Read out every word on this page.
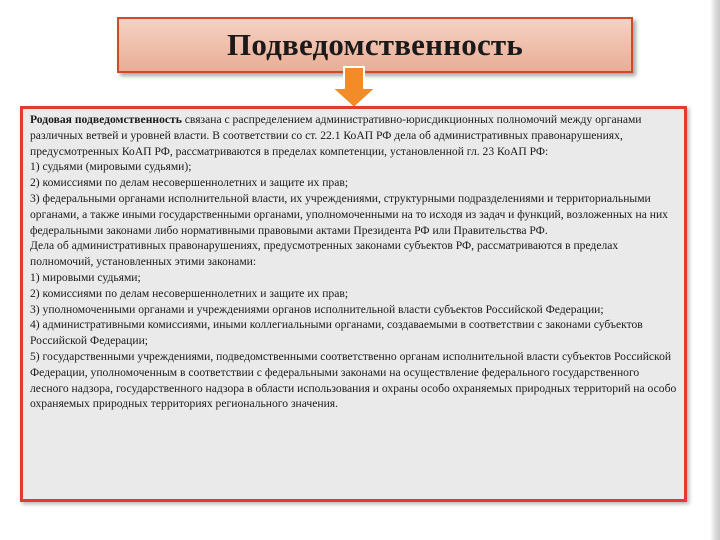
Подведомственность

Родовая подведомственность связана с распределением административно-юрисдикционных полномочий между органами различных ветвей и уровней власти. В соответствии со ст. 22.1 КоАП РФ дела об административных правонарушениях, предусмотренных КоАП РФ, рассматриваются в пределах компетенции, установленной гл. 23 КоАП РФ:

1) судьями (мировыми судьями);

2) комиссиями по делам несовершеннолетних и защите их прав;

3) федеральными органами исполнительной власти, их учреждениями, структурными подразделениями и территориальными органами, а также иными государственными органами, уполномоченными на то исходя из задач и функций, возложенных на них федеральными законами либо нормативными правовыми актами Президента РФ или Правительства РФ.

Дела об административных правонарушениях, предусмотренных законами субъектов РФ, рассматриваются в пределах полномочий, установленных этими законами:

1) мировыми судьями;

2) комиссиями по делам несовершеннолетних и защите их прав;

3) уполномоченными органами и учреждениями органов исполнительной власти субъектов Российской Федерации;

4) административными комиссиями, иными коллегиальными органами, создаваемыми в соответствии с законами субъектов Российской Федерации;

5) государственными учреждениями, подведомственными соответственно органам исполнительной власти субъектов Российской Федерации, уполномоченным в соответствии с федеральными законами на осуществление федерального государственного лесного надзора, государственного надзора в области использования и охраны особо охраняемых природных территорий на особо охраняемых природных территориях регионального значения.
